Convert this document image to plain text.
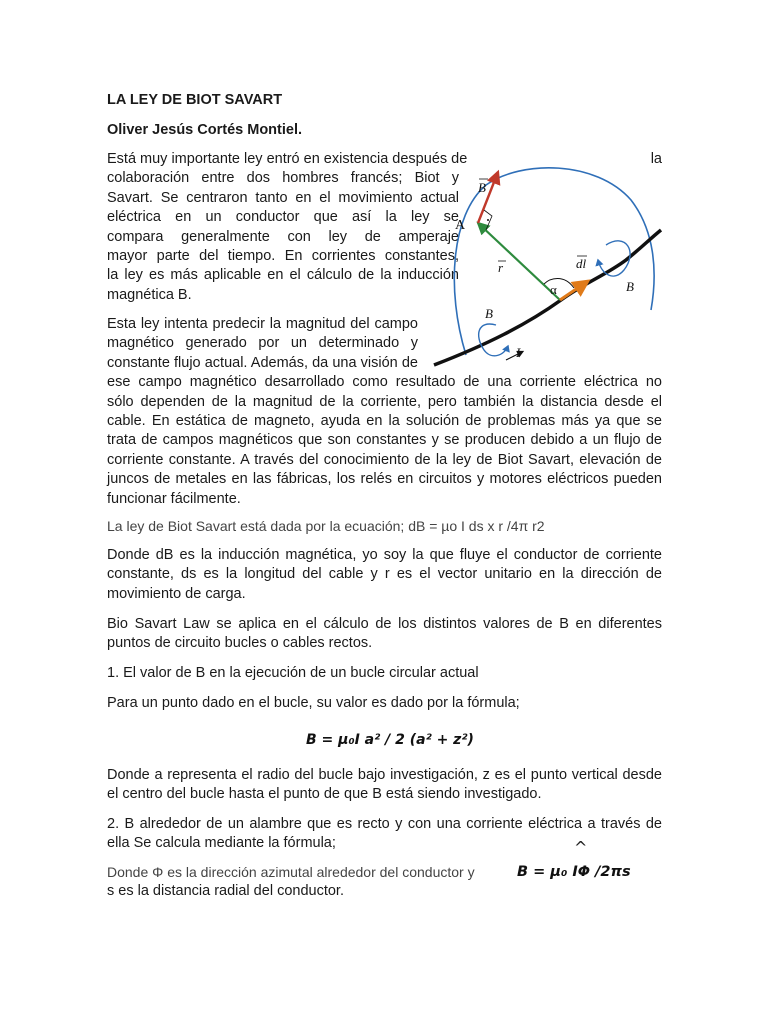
LA LEY DE BIOT SAVART
Oliver Jesús Cortés Montiel.
Está muy importante ley entró en existencia después de	la
colaboración entre dos hombres francés; Biot y
Savart. Se centraron tanto en el movimiento actual
eléctrica en un conductor que así la ley se
compara generalmente con ley de amperaje
mayor parte del tiempo. En corrientes constantes,
la ley es más aplicable en el cálculo de la inducción
magnética B.
Esta ley intenta predecir la magnitud del campo
magnético generado por un determinado y
constante flujo actual. Además, da una visión de
ese campo magnético desarrollado como resultado de una corriente eléctrica no
sólo dependen de la magnitud de la corriente, pero también la distancia desde el
cable. En estática de magneto, ayuda en la solución de problemas más ya que se
trata de campos magnéticos que son constantes y se producen debido a un flujo de
corriente constante. A través del conocimiento de la ley de Biot Savart, elevación de
juncos de metales en las fábricas, los relés en circuitos y motores eléctricos pueden
funcionar fácilmente.
La ley de Biot Savart está dada por la ecuación; dB = µo I ds x r /4π r2
Donde dB es la inducción magnética, yo soy la que fluye el conductor de corriente
constante, ds es la longitud del cable y r es el vector unitario en la dirección de
movimiento de carga.
Bio Savart Law se aplica en el cálculo de los distintos valores de B en diferentes
puntos de circuito bucles o cables rectos.
1. El valor de B en la ejecución de un bucle circular actual
Para un punto dado en el bucle, su valor es dado por la fórmula;
B = µ₀I a² / 2 (a² + z²)
Donde a representa el radio del bucle bajo investigación, z es el punto vertical desde
el centro del bucle hasta el punto de que B está siendo investigado.
2. B alrededor de un alambre que es recto y con una corriente eléctrica a través de
ella Se calcula mediante la fórmula;	^
Donde Φ es la dirección azimutal alrededor del conductor y
s es la distancia radial del conductor.
B = µ₀ IΦ /2πs
B
A
r
α
dl
B
B
I
